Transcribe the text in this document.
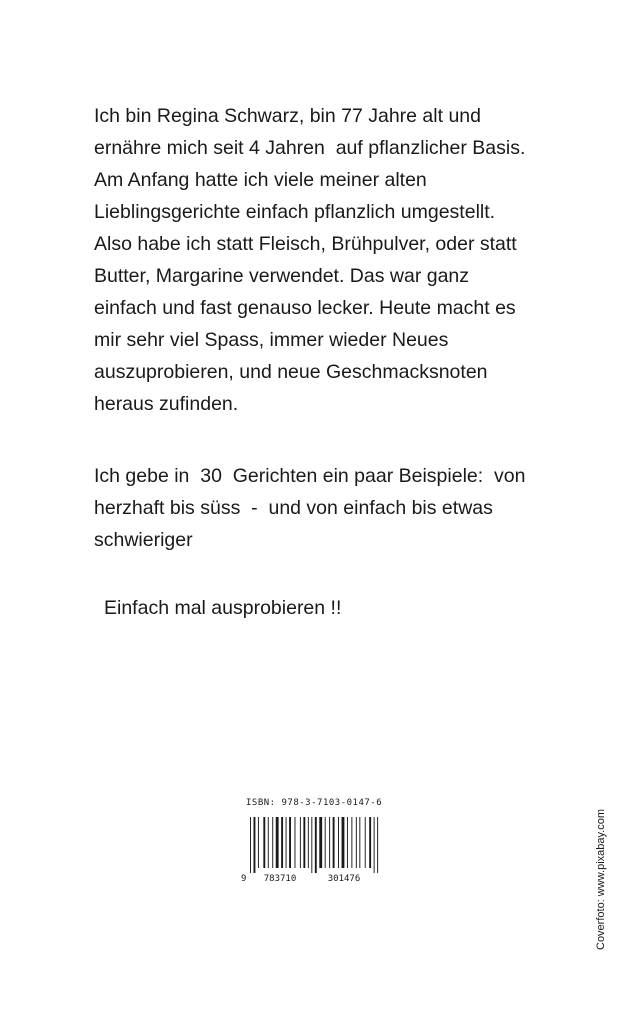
Ich bin Regina Schwarz, bin 77 Jahre alt und
ernähre mich seit 4 Jahren  auf pflanzlicher Basis.
Am Anfang hatte ich viele meiner alten
Lieblingsgerichte einfach pflanzlich umgestellt.
Also habe ich statt Fleisch, Brühpulver, oder statt
Butter, Margarine verwendet. Das war ganz
einfach und fast genauso lecker. Heute macht es
mir sehr viel Spass, immer wieder Neues
auszuprobieren, und neue Geschmacksnoten
heraus zufinden.
Ich gebe in  30  Gerichten ein paar Beispiele:  von
herzhaft bis süss  -  und von einfach bis etwas
schwieriger
Einfach mal ausprobieren !!
ISBN: 978-3-7103-0147-6
9 783710	301476	Coverfoto: www.pixabay.com
